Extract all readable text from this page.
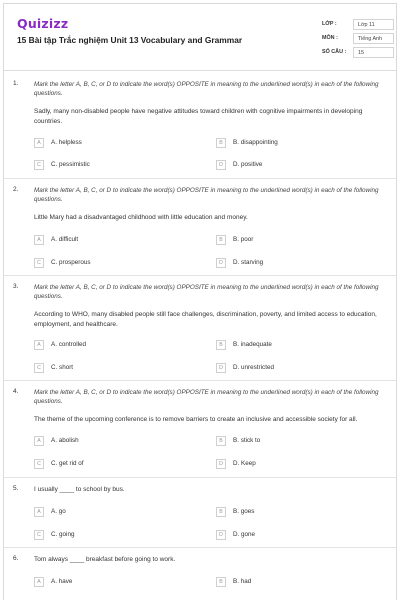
Quizizz
15 Bài tập Trắc nghiệm Unit 13 Vocabulary and Grammar
LỚP :	Lớp 11
MÔN :	Tiếng Anh
SỐ CÂU :	15
1. Mark the letter A, B, C, or D to indicate the word(s) OPPOSITE in meaning to the underlined word(s) in each of the following questions.
Sadly, many non-disabled people have negative attitudes toward children with cognitive impairments in developing countries.
A	A. helpless	B	B. disappointing
C	C. pessimistic	D	D. positive
2. Mark the letter A, B, C, or D to indicate the word(s) OPPOSITE in meaning to the underlined word(s) in each of the following questions.
Little Mary had a disadvantaged childhood with little education and money.
A	A. difficult	B	B. poor
C	C. prosperous	D	D. starving
3. Mark the letter A, B, C, or D to indicate the word(s) OPPOSITE in meaning to the underlined word(s) in each of the following questions.
According to WHO, many disabled people still face challenges, discrimination, poverty, and limited access to education, employment, and healthcare.
A	A. controlled	B	B. inadequate
C	C. short	D	D. unrestricted
4. Mark the letter A, B, C, or D to indicate the word(s) OPPOSITE in meaning to the underlined word(s) in each of the following questions.
The theme of the upcoming conference is to remove barriers to create an inclusive and accessible society for all.
A	A. abolish	B	B. stick to
C	C. get rid of	D	D. Keep
5. I usually ____ to school by bus.
A	A. go	B	B. goes
C	C. going	D	D. gone
6. Tom always ____ breakfast before going to work.
A	A. have	B	B. had
